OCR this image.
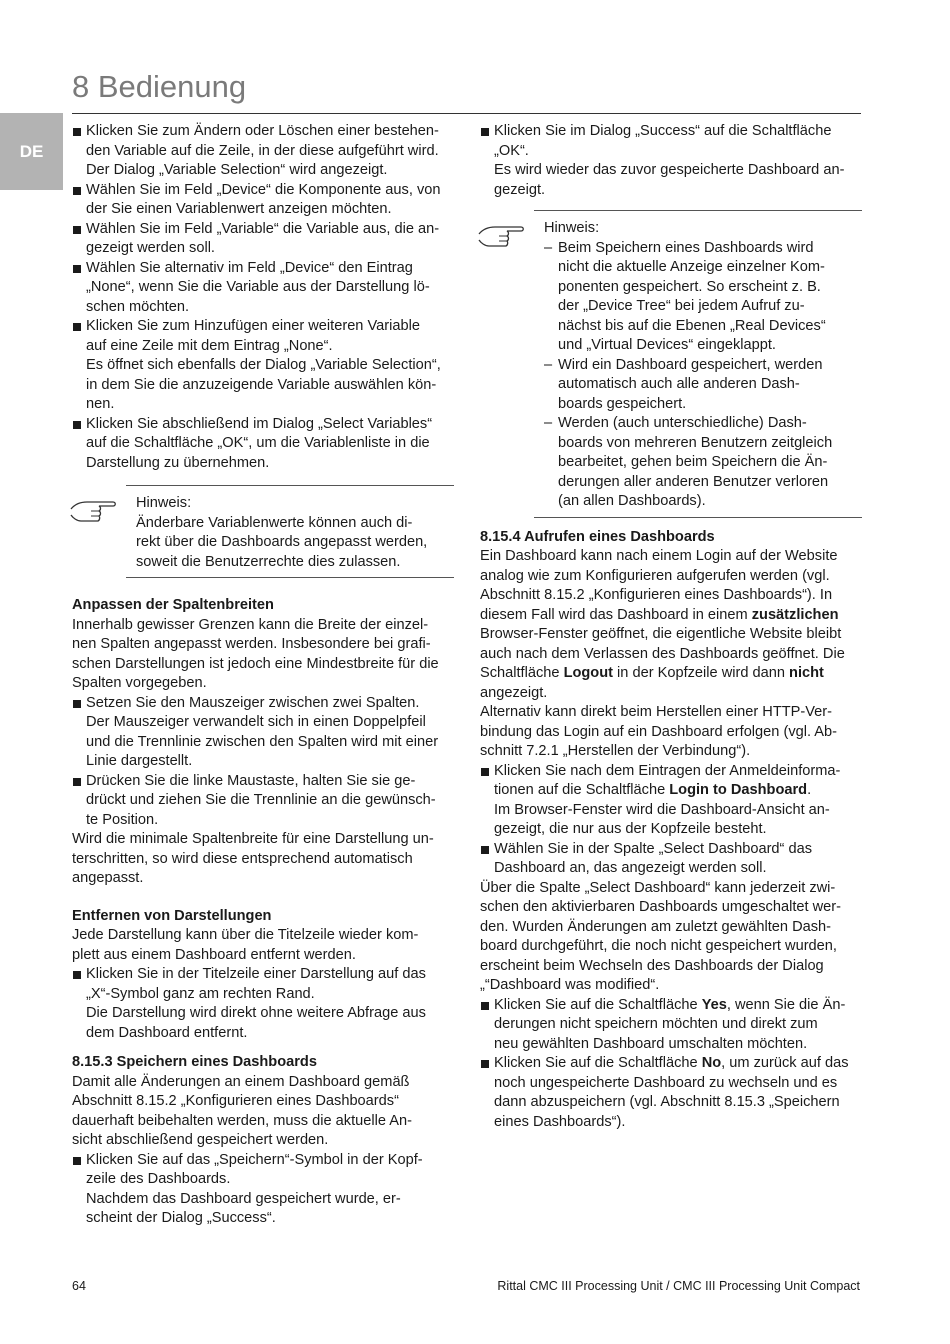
8 Bedienung
DE

Klicken Sie zum Ändern oder Löschen einer bestehen-
den Variable auf die Zeile, in der diese aufgeführt wird.
Der Dialog „Variable Selection“ wird angezeigt.

Wählen Sie im Feld „Device“ die Komponente aus, von
der Sie einen Variablenwert anzeigen möchten.

Wählen Sie im Feld „Variable“ die Variable aus, die an-
gezeigt werden soll.

Wählen Sie alternativ im Feld „Device“ den Eintrag
„None“, wenn Sie die Variable aus der Darstellung lö-
schen möchten.

Klicken Sie zum Hinzufügen einer weiteren Variable
auf eine Zeile mit dem Eintrag „None“.
Es öffnet sich ebenfalls der Dialog „Variable Selection“,
in dem Sie die anzuzeigende Variable auswählen kön-
nen.

Klicken Sie abschließend im Dialog „Select Variables“
auf die Schaltfläche „OK“, um die Variablenliste in die
Darstellung zu übernehmen.

Hinweis:
Änderbare Variablenwerte können auch di-
rekt über die Dashboards angepasst werden,
soweit die Benutzerrechte dies zulassen.

Anpassen der Spaltenbreiten

Innerhalb gewisser Grenzen kann die Breite der einzel-
nen Spalten angepasst werden. Insbesondere bei grafi-
schen Darstellungen ist jedoch eine Mindestbreite für die
Spalten vorgegeben.

Setzen Sie den Mauszeiger zwischen zwei Spalten.
Der Mauszeiger verwandelt sich in einen Doppelpfeil
und die Trennlinie zwischen den Spalten wird mit einer
Linie dargestellt.

Drücken Sie die linke Maustaste, halten Sie sie ge-
drückt und ziehen Sie die Trennlinie an die gewünsch-
te Position.

Wird die minimale Spaltenbreite für eine Darstellung un-
terschritten, so wird diese entsprechend automatisch
angepasst.

Entfernen von Darstellungen

Jede Darstellung kann über die Titelzeile wieder kom-
plett aus einem Dashboard entfernt werden.

Klicken Sie in der Titelzeile einer Darstellung auf das
„X“-Symbol ganz am rechten Rand.
Die Darstellung wird direkt ohne weitere Abfrage aus
dem Dashboard entfernt.

8.15.3 Speichern eines Dashboards

Damit alle Änderungen an einem Dashboard gemäß
Abschnitt 8.15.2 „Konfigurieren eines Dashboards“
dauerhaft beibehalten werden, muss die aktuelle An-
sicht abschließend gespeichert werden.

Klicken Sie auf das „Speichern“-Symbol in der Kopf-
zeile des Dashboards.
Nachdem das Dashboard gespeichert wurde, er-
scheint der Dialog „Success“.

Klicken Sie im Dialog „Success“ auf die Schaltfläche
„OK“.
Es wird wieder das zuvor gespeicherte Dashboard an-
gezeigt.

Hinweis:

– Beim Speichern eines Dashboards wird
nicht die aktuelle Anzeige einzelner Kom-
ponenten gespeichert. So erscheint z. B.
der „Device Tree“ bei jedem Aufruf zu-
nächst bis auf die Ebenen „Real Devices“
und „Virtual Devices“ eingeklappt.

– Wird ein Dashboard gespeichert, werden
automatisch auch alle anderen Dash-
boards gespeichert.

– Werden (auch unterschiedliche) Dash-
boards von mehreren Benutzern zeitgleich
bearbeitet, gehen beim Speichern die Än-
derungen aller anderen Benutzer verloren
(an allen Dashboards).

8.15.4 Aufrufen eines Dashboards

Ein Dashboard kann nach einem Login auf der Website
analog wie zum Konfigurieren aufgerufen werden (vgl.
Abschnitt 8.15.2 „Konfigurieren eines Dashboards“). In
diesem Fall wird das Dashboard in einem zusätzlichen
Browser-Fenster geöffnet, die eigentliche Website bleibt
auch nach dem Verlassen des Dashboards geöffnet. Die
Schaltfläche Logout in der Kopfzeile wird dann nicht
angezeigt.

Alternativ kann direkt beim Herstellen einer HTTP-Ver-
bindung das Login auf ein Dashboard erfolgen (vgl. Ab-
schnitt 7.2.1 „Herstellen der Verbindung“).

Klicken Sie nach dem Eintragen der Anmeldeinforma-
tionen auf die Schaltfläche Login to Dashboard.
Im Browser-Fenster wird die Dashboard-Ansicht an-
gezeigt, die nur aus der Kopfzeile besteht.

Wählen Sie in der Spalte „Select Dashboard“ das
Dashboard an, das angezeigt werden soll.

Über die Spalte „Select Dashboard“ kann jederzeit zwi-
schen den aktivierbaren Dashboards umgeschaltet wer-
den. Wurden Änderungen am zuletzt gewählten Dash-
board durchgeführt, die noch nicht gespeichert wurden,
erscheint beim Wechseln des Dashboards der Dialog
„“Dashboard was modified“.

Klicken Sie auf die Schaltfläche Yes, wenn Sie die Än-
derungen nicht speichern möchten und direkt zum
neu gewählten Dashboard umschalten möchten.

Klicken Sie auf die Schaltfläche No, um zurück auf das
noch ungespeicherte Dashboard zu wechseln und es
dann abzuspeichern (vgl. Abschnitt 8.15.3 „Speichern
eines Dashboards“).

64	Rittal CMC III Processing Unit / CMC III Processing Unit Compact
